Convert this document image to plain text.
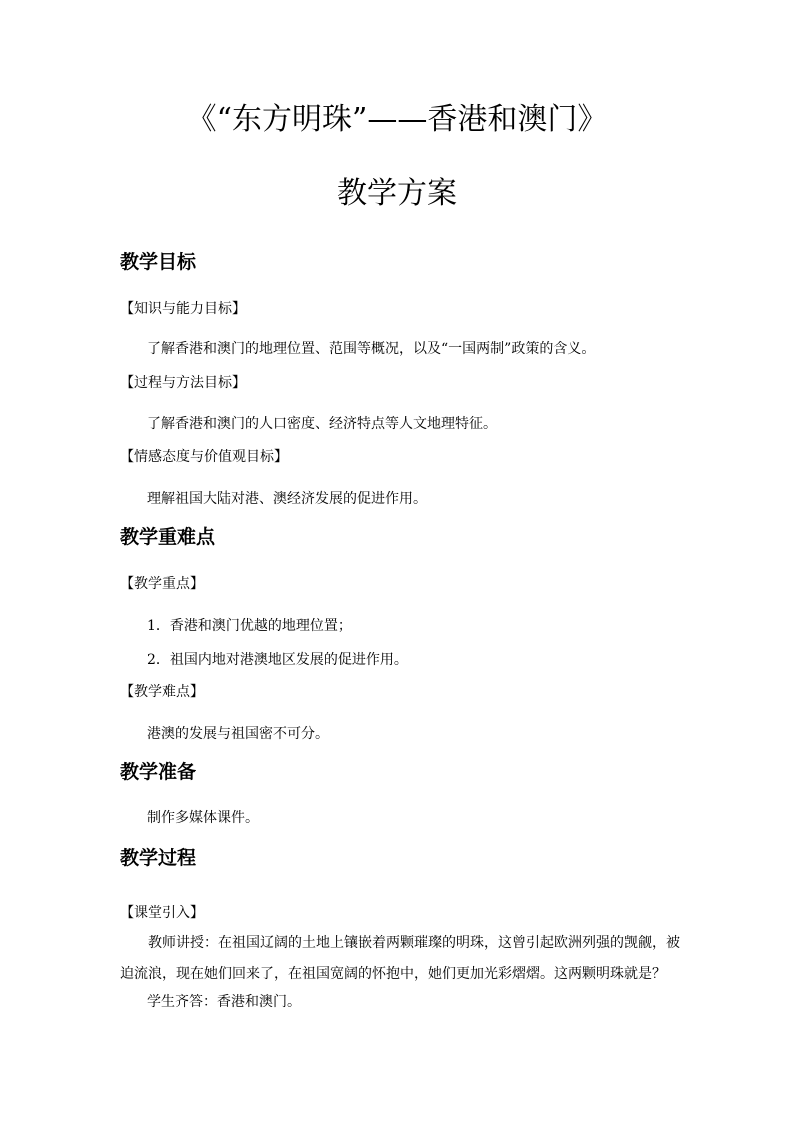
《“东方明珠”——香港和澳门》
教学方案
教学目标
【知识与能力目标】
了解香港和澳门的地理位置、范围等概况，以及“一国两制”政策的含义。
【过程与方法目标】
了解香港和澳门的人口密度、经济特点等人文地理特征。
【情感态度与价值观目标】
理解祖国大陆对港、澳经济发展的促进作用。
教学重难点
【教学重点】
1．香港和澳门优越的地理位置；
2．祖国内地对港澳地区发展的促进作用。
【教学难点】
港澳的发展与祖国密不可分。
教学准备
制作多媒体课件。
教学过程
【课堂引入】
教师讲授：在祖国辽阔的土地上镶嵌着两颗璀璨的明珠，这曾引起欧洲列强的觊觎，被迫流浪，现在她们回来了，在祖国宽阔的怀抱中，她们更加光彩熠熠。这两颗明珠就是？
学生齐答：香港和澳门。
